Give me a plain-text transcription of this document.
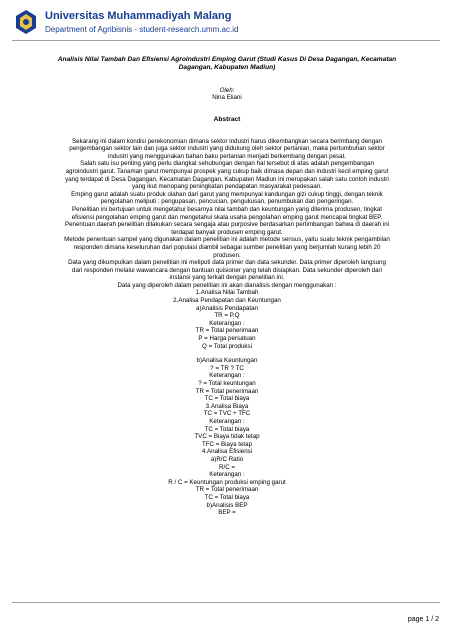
Universitas Muhammadiyah Malang
Department of Agribisnis - student-research.umm.ac.id
Analisis Nilai Tambah Dan Efisiensi Agroindustri Emping Garut (Studi Kasus Di Desa Dagangan, Kecamatan
Dagangan, Kabupaten Madiun)
Oleh:
Nina Eliani
Abstract
Sekarang ini dalam kondisi perekonomian dimana sektor industri harus dikembangkan secara berimbang dengan
pengembangan sektor lain dan juga sektor industri yang didukung oleh sektor pertanian, maka pertumbuhan sektor
industri yang menggunakan bahan baku pertanian menjadi berkembang dengan pesat.
Salah satu isu penting yang perlu diangkat sehubungan dengan hal tersebut di atas adalah pengembangan
agroindustri garut. Tanaman garut mempunyai prospek yang cukup baik dimasa depan dan industri kecil emping garut
yang terdapat di Desa Dagangan, Kecamatan Dagangan, Kabupaten Madiun ini merupakan salah satu contoh industri
yang ikut menopang peningkatan pendapatan masyarakat pedesaan.
Emping garut adalah suatu produk olahan dari garut yang mempunyai kandungan gizi cukup tinggi, dengan teknik
pengolahan meliputi : pengupasan, pencucian, pengukusan, penumbukan dan pengeringan.
Penelitian ini bertujuan untuk mengetahui besarnya nilai tambah dan keuntungan yang diterima produsen, tingkat
efisiensi pengolahan emping garut dan mengetahui skala usaha pengolahan emping garut mencapai tingkat BEP.
Penentuan daerah penelitian dilakukan secara sengaja atau purposive berdasarkan pertimbangan bahwa di daerah ini
terdapat banyak produsen emping garut.
Metode penentuan sampel yang digunakan dalam penelitian ini adalah metode sensus, yaitu suatu teknik pengambilan
responden dimana keseluruhan dari populasi diambil sebagai sumber penelitian yang berjumlah kurang lebih 20
produsen.
Data yang dikumpulkan dalam penelitian ini meliputi data primer dan data sekunder. Data primer diperoleh langsung
dari responden melalui wawancara dengan bantuan quisioner yang telah disiapkan. Data sekunder diperoleh dari
instansi yang terkait dengan penelitian ini.
Data yang diperoleh dalam penelitian ini akan dianalisis dengan menggunakan :
1.Analisa Nilai Tambah
2.Analisa Pendapatan dan Keuntungan
a)Analisis Pendapatan
TR = P.Q
Keterangan :
TR = Total penerimaan
P = Harga persatuan
Q = Total produksi
b)Analisa Keuntungan
? = TR ? TC
Keterangan :
? = Total keuntungan
TR = Total penerimaan
TC = Total biaya
3.Analisa Biaya
TC = TVC + TFC
Keterangan :
TC = Total biaya
TVC = Biaya tidak tetap
TFC = Biaya tetap
4.Analisa Efisiensi
a)R/C Ratio
R/C =
Keterangan :
R / C = Keuntungan produksi emping garut
TR = Total penerimaan
TC = Total biaya
b)Analisis BEP
BEP =
page 1 / 2
